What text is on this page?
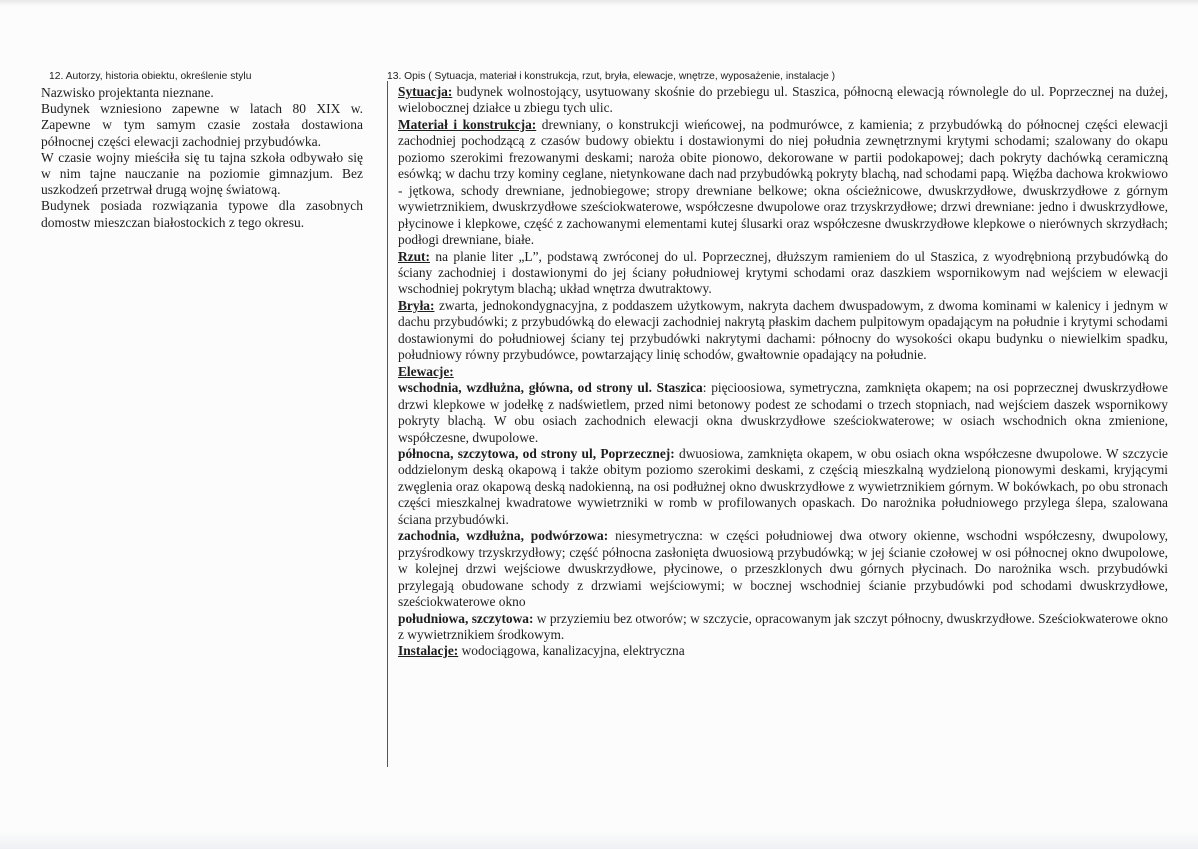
12. Autorzy, historia obiektu, określenie stylu

Nazwisko projektanta nieznane.

Budynek wzniesiono zapewne w latach 80 XIX w. Zapewne w tym samym czasie została dostawiona północnej części elewacji zachodniej przybudówka.

W czasie wojny mieściła się tu tajna szkoła odbywało się w nim tajne nauczanie na poziomie gimnazjum. Bez uszkodzeń przetrwał drugą wojnę światową.

Budynek posiada rozwiązania typowe dla zasobnych domostw mieszczan białostockich z tego okresu.

13. Opis ( Sytuacja, materiał i konstrukcja, rzut, bryła, elewacje, wnętrze, wyposażenie, instalacje )

Sytuacja: budynek wolnostojący, usytuowany skośnie do przebiegu ul. Staszica, północną elewacją równolegle do ul. Poprzecznej na dużej, wielobocznej działce u zbiegu tych ulic.

Materiał i konstrukcja: drewniany, o konstrukcji wieńcowej, na podmurówce, z kamienia; z przybudówką do północnej części elewacji zachodniej pochodzącą z czasów budowy obiektu i dostawionymi do niej południa zewnętrznymi krytymi schodami; szalowany do okapu poziomo szerokimi frezowanymi deskami; naroża obite pionowo, dekorowane w partii podokapowej; dach pokryty dachówką ceramiczną esówką; w dachu trzy kominy ceglane, nietynkowane dach nad przybudówką pokryty blachą, nad schodami papą. Więźba dachowa krokwiowo - jętkowa, schody drewniane, jednobiegowe; stropy drewniane belkowe; okna ościeżnicowe, dwuskrzydłowe, dwuskrzydłowe z górnym wywietrznikiem, dwuskrzydłowe sześciokwaterowe, współczesne dwupolowe oraz trzyskrzydłowe; drzwi drewniane: jedno i dwuskrzydłowe, płycinowe i klepkowe, część z zachowanymi elementami kutej ślusarki oraz współczesne dwuskrzydłowe klepkowe o nierównych skrzydłach; podłogi drewniane, białe.

Rzut: na planie liter „L”, podstawą zwróconej do ul. Poprzecznej, dłuższym ramieniem do ul Staszica, z wyodrębnioną przybudówką do ściany zachodniej i dostawionymi do jej ściany południowej krytymi schodami oraz daszkiem wspornikowym nad wejściem w elewacji wschodniej pokrytym blachą; układ wnętrza dwutraktowy.

Bryła: zwarta, jednokondygnacyjna, z poddaszem użytkowym, nakryta dachem dwuspadowym, z dwoma kominami w kalenicy i jednym w dachu przybudówki; z przybudówką do elewacji zachodniej nakrytą płaskim dachem pulpitowym opadającym na południe i krytymi schodami dostawionymi do południowej ściany tej przybudówki nakrytymi dachami: północny do wysokości okapu budynku o niewielkim spadku, południowy równy przybudówce, powtarzający linię schodów, gwałtownie opadający na południe.

Elewacje:

wschodnia, wzdłużna, główna, od strony ul. Staszica: pięcioosiowa, symetryczna, zamknięta okapem; na osi poprzecznej dwuskrzydłowe drzwi klepkowe w jodełkę z nadświetlem, przed nimi betonowy podest ze schodami o trzech stopniach, nad wejściem daszek wspornikowy pokryty blachą. W obu osiach zachodnich elewacji okna dwuskrzydłowe sześciokwaterowe; w osiach wschodnich okna zmienione, współczesne, dwupolowe.

północna, szczytowa, od strony ul, Poprzecznej: dwuosiowa, zamknięta okapem, w obu osiach okna współczesne dwupolowe. W szczycie oddzielonym deską okapową i także obitym poziomo szerokimi deskami, z częścią mieszkalną wydzieloną pionowymi deskami, kryjącymi zwęglenia oraz okapową deską nadokienną, na osi podłużnej okno dwuskrzydłowe z wywietrznikiem górnym. W bokówkach, po obu stronach części mieszkalnej kwadratowe wywietrzniki w romb w profilowanych opaskach. Do narożnika południowego przylega ślepa, szalowana ściana przybudówki.

zachodnia, wzdłużna, podwórzowa: niesymetryczna: w części południowej dwa otwory okienne, wschodni współczesny, dwupolowy, przyśrodkowy trzyskrzydłowy; część północna zasłonięta dwuosiową przybudówką; w jej ścianie czołowej w osi północnej okno dwupolowe, w kolejnej drzwi wejściowe dwuskrzydłowe, płycinowe, o przeszklonych dwu górnych płycinach. Do narożnika wsch. przybudówki przylegają obudowane schody z drzwiami wejściowymi; w bocznej wschodniej ścianie przybudówki pod schodami dwuskrzydłowe, sześciokwaterowe okno

południowa, szczytowa: w przyziemiu bez otworów; w szczycie, opracowanym jak szczyt północny, dwuskrzydłowe. Sześciokwaterowe okno z wywietrznikiem środkowym.

Instalacje: wodociągowa, kanalizacyjna, elektryczna
